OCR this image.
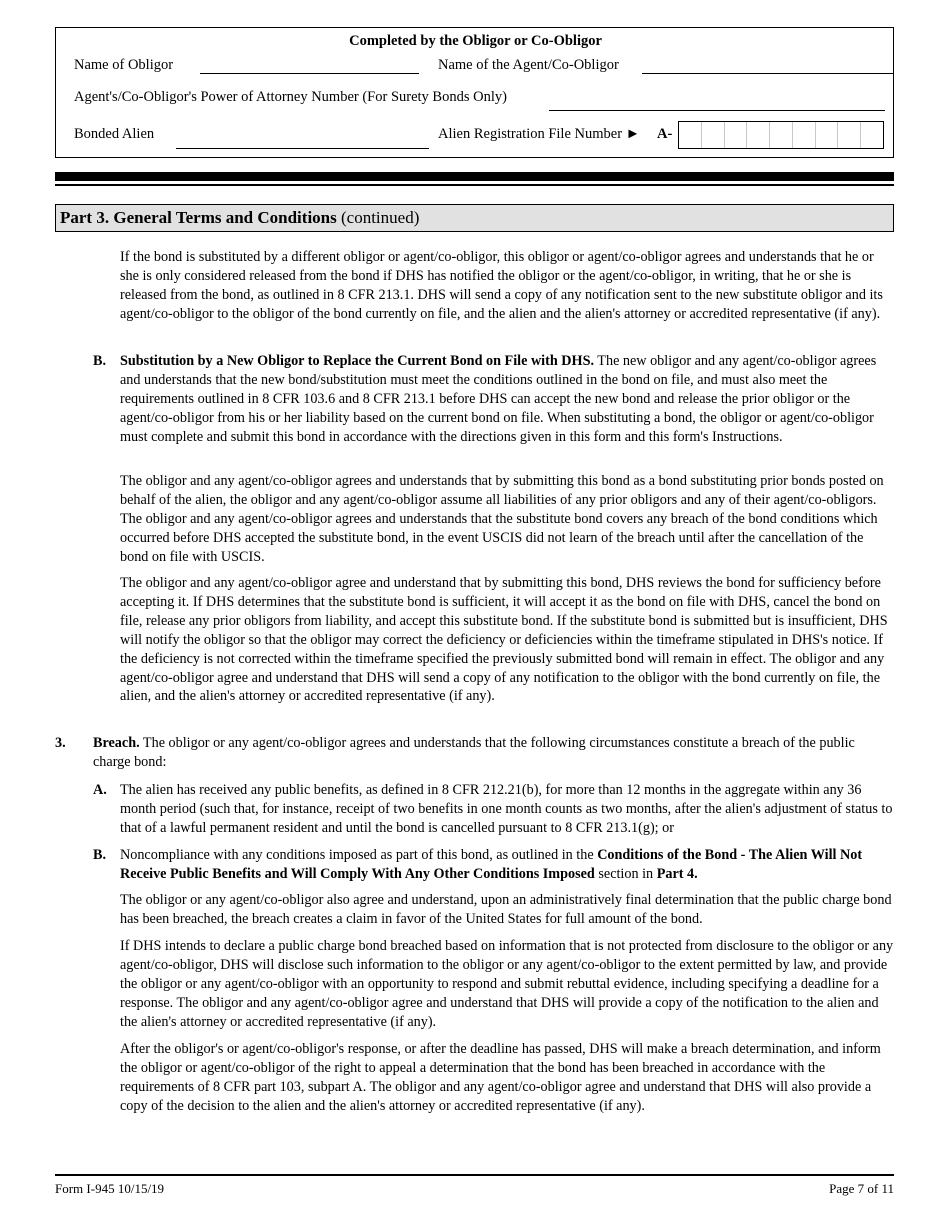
Completed by the Obligor or Co-Obligor
Name of Obligor	Name of the Agent/Co-Obligor
Agent's/Co-Obligor's Power of Attorney Number (For Surety Bonds Only)
Bonded Alien	Alien Registration File Number ► A-
Part 3. General Terms and Conditions (continued)

If the bond is substituted by a different obligor or agent/co-obligor, this obligor or agent/co-obligor agrees and understands that he or she is only considered released from the bond if DHS has notified the obligor or the agent/co-obligor, in writing, that he or she is released from the bond, as outlined in 8 CFR 213.1. DHS will send a copy of any notification sent to the new substitute obligor and its agent/co-obligor to the obligor of the bond currently on file, and the alien and the alien's attorney or accredited representative (if any).

B. Substitution by a New Obligor to Replace the Current Bond on File with DHS. The new obligor and any agent/co-obligor agrees and understands that the new bond/substitution must meet the conditions outlined in the bond on file, and must also meet the requirements outlined in 8 CFR 103.6 and 8 CFR 213.1 before DHS can accept the new bond and release the prior obligor or the agent/co-obligor from his or her liability based on the current bond on file. When substituting a bond, the obligor or agent/co-obligor must complete and submit this bond in accordance with the directions given in this form and this form's Instructions.

The obligor and any agent/co-obligor agrees and understands that by submitting this bond as a bond substituting prior bonds posted on behalf of the alien, the obligor and any agent/co-obligor assume all liabilities of any prior obligors and any of their agent/co-obligors. The obligor and any agent/co-obligor agrees and understands that the substitute bond covers any breach of the bond conditions which occurred before DHS accepted the substitute bond, in the event USCIS did not learn of the breach until after the cancellation of the bond on file with USCIS.

The obligor and any agent/co-obligor agree and understand that by submitting this bond, DHS reviews the bond for sufficiency before accepting it. If DHS determines that the substitute bond is sufficient, it will accept it as the bond on file with DHS, cancel the bond on file, release any prior obligors from liability, and accept this substitute bond. If the substitute bond is submitted but is insufficient, DHS will notify the obligor so that the obligor may correct the deficiency or deficiencies within the timeframe stipulated in DHS's notice. If the deficiency is not corrected within the timeframe specified the previously submitted bond will remain in effect. The obligor and any agent/co-obligor agree and understand that DHS will send a copy of any notification to the obligor with the bond currently on file, the alien, and the alien's attorney or accredited representative (if any).

3. Breach. The obligor or any agent/co-obligor agrees and understands that the following circumstances constitute a breach of the public charge bond:

A. The alien has received any public benefits, as defined in 8 CFR 212.21(b), for more than 12 months in the aggregate within any 36 month period (such that, for instance, receipt of two benefits in one month counts as two months, after the alien's adjustment of status to that of a lawful permanent resident and until the bond is cancelled pursuant to 8 CFR 213.1(g); or

B. Noncompliance with any conditions imposed as part of this bond, as outlined in the Conditions of the Bond - The Alien Will Not Receive Public Benefits and Will Comply With Any Other Conditions Imposed section in Part 4.

The obligor or any agent/co-obligor also agree and understand, upon an administratively final determination that the public charge bond has been breached, the breach creates a claim in favor of the United States for full amount of the bond.

If DHS intends to declare a public charge bond breached based on information that is not protected from disclosure to the obligor or any agent/co-obligor, DHS will disclose such information to the obligor or any agent/co-obligor to the extent permitted by law, and provide the obligor or any agent/co-obligor with an opportunity to respond and submit rebuttal evidence, including specifying a deadline for a response. The obligor and any agent/co-obligor agree and understand that DHS will provide a copy of the notification to the alien and the alien's attorney or accredited representative (if any).

After the obligor's or agent/co-obligor's response, or after the deadline has passed, DHS will make a breach determination, and inform the obligor or agent/co-obligor of the right to appeal a determination that the bond has been breached in accordance with the requirements of 8 CFR part 103, subpart A. The obligor and any agent/co-obligor agree and understand that DHS will also provide a copy of the decision to the alien and the alien's attorney or accredited representative (if any).

Form I-945 10/15/19	Page 7 of 11
